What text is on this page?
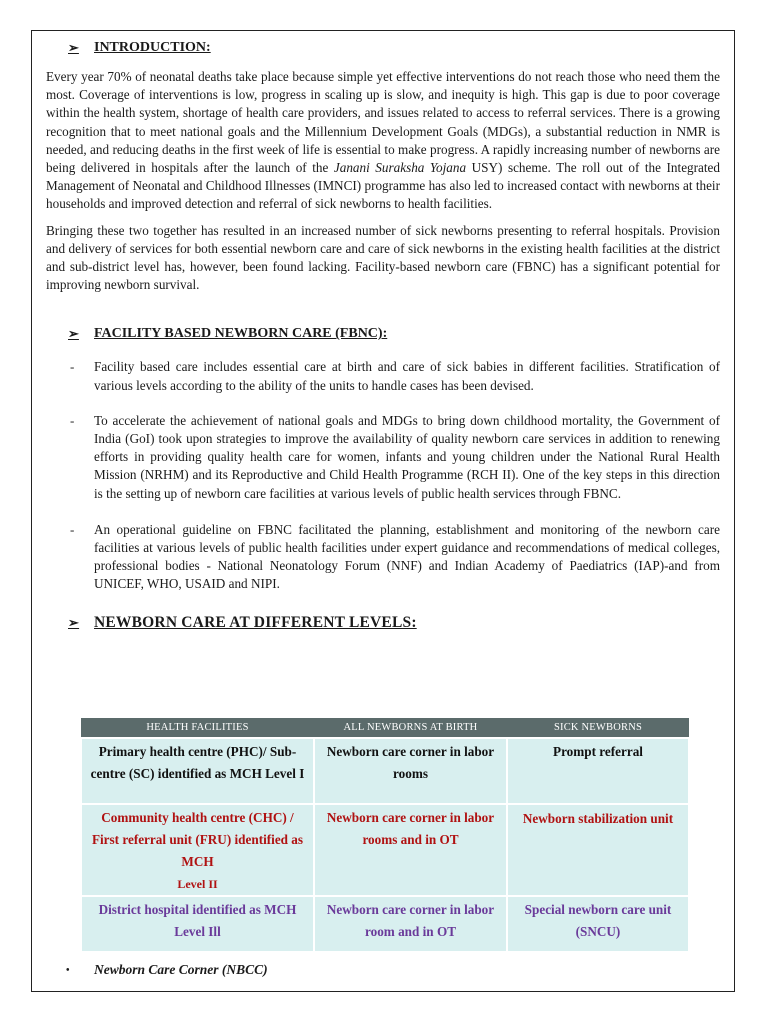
➢	INTRODUCTION:

Every year 70% of neonatal deaths take place because simple yet effective interventions do not reach those who need them the most. Coverage of interventions is low, progress in scaling up is slow, and inequity is high. This gap is due to poor coverage within the health system, shortage of health care providers, and issues related to access to referral services. There is a growing recognition that to meet national goals and the Millennium Development Goals (MDGs), a substantial reduction in NMR is needed, and reducing deaths in the first week of life is essential to make progress. A rapidly increasing number of newborns are being delivered in hospitals after the launch of the Janani Suraksha Yojana USY) scheme. The roll out of the Integrated Management of Neonatal and Childhood Illnesses (IMNCI) programme has also led to increased contact with newborns at their households and improved detection and referral of sick newborns to health facilities.

Bringing these two together has resulted in an increased number of sick newborns presenting to referral hospitals. Provision and delivery of services for both essential newborn care and care of sick newborns in the existing health facilities at the district and sub-district level has, however, been found lacking. Facility-based newborn care (FBNC) has a significant potential for improving newborn survival.

➢	FACILITY BASED NEWBORN CARE (FBNC):
-	Facility based care includes essential care at birth and care of sick babies in different facilities. Stratification of various levels according to the ability of the units to handle cases has been devised.

-	To accelerate the achievement of national goals and MDGs to bring down childhood mortality, the Government of India (GoI) took upon strategies to improve the availability of quality newborn care services in addition to renewing efforts in providing quality health care for women, infants and young children under the National Rural Health Mission (NRHM) and its Reproductive and Child Health Programme (RCH II). One of the key steps in this direction is the setting up of newborn care facilities at various levels of public health services through FBNC.

-	An operational guideline on FBNC facilitated the planning, establishment and monitoring of the newborn care facilities at various levels of public health facilities under expert guidance and recommendations of medical colleges, professional bodies - National Neonatology Forum (NNF) and Indian Academy of Paediatrics (IAP)-and from UNICEF, WHO, USAID and NIPI.

➢ NEWBORN CARE AT DIFFERENT LEVELS:
HEALTH FACILITIES	ALL NEWBORNS AT BIRTH	SICK NEWBORNS
Primary health centre (PHC)/ Sub-centre (SC) identified as MCH Level I	Newborn care corner in labor rooms	Prompt referral
Community health centre (CHC) / First referral unit (FRU) identified as MCH
Level II	Newborn care corner in labor rooms and in OT	Newborn stabilization unit
District hospital identified as MCH Level Ill	Newborn care corner in labor room and in OT	Special newborn care unit (SNCU)
•	Newborn Care Corner (NBCC)
